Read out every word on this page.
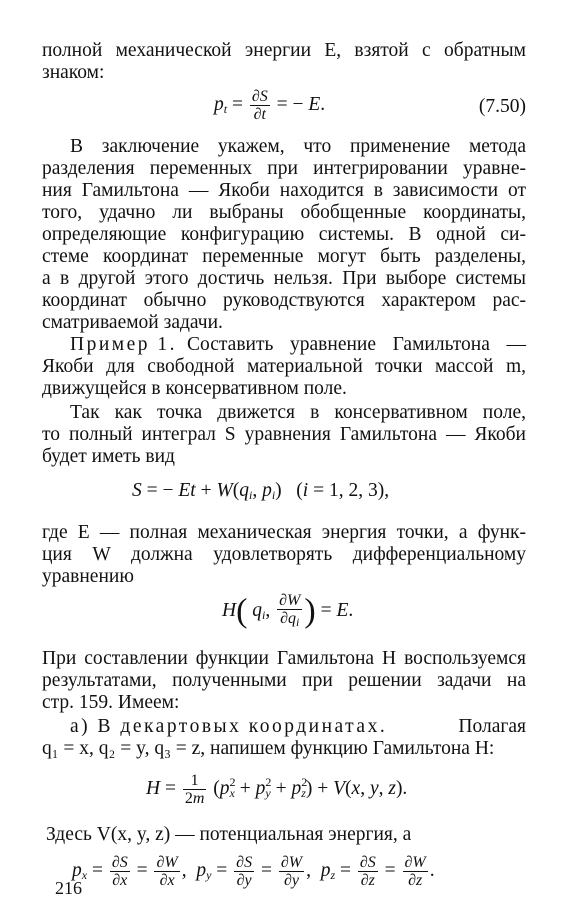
полной механической энергии E, взятой с обратным
знаком:
$p_t = \frac{\partial S}{\partial t}$ = − E.	(7.50)
В заключение укажем, что применение метода
разделения переменных при интегрировании уравне-
ния Гамильтона — Якоби находится в зависимости от
того, удачно ли выбраны обобщенные координаты,
определяющие конфигурацию системы. В одной си-
стеме координат переменные могут быть разделены,
а в другой этого достичь нельзя. При выборе системы
координат обычно руководствуются характером рас-
сматриваемой задачи.
Пример 1. Составить уравнение Гамильтона —
Якоби для свободной материальной точки массой m,
движущейся в консервативном поле.
Так как точка движется в консервативном поле,
то полный интеграл S уравнения Гамильтона — Якоби
будет иметь вид
S = − $Et + W(q_i$, $p_i$)   (i = 1, 2, 3),
где E — полная механическая энергия точки, а функ-
ция W должна удовлетворять дифференциальному
уравнению
H( $q_i$, $\frac{\partial W}{\partial q_i}$ ) = E.
При составлении функции Гамильтона H воспользуемся
результатами, полученными при решении задачи на
стр. 159. Имеем:
а) В декартовых координатах.	Полагая
q₁ = x, q₂ = y, q₃ = z, напишем функцию Гамильтона H:
$H = \frac{1}{2m} (p^2_x + p^2_y + p^2_z) + V(x$, y, z).
Здесь V(x, y, z) — потенциальная энергия, а
$p_x = \frac{\partial S}{\partial x} = \frac{\partial W}{\partial x}$ ,  $p_y = \frac{\partial S}{\partial y} = \frac{\partial W}{\partial y}$ ,  $p_z = \frac{\partial S}{\partial z} = \frac{\partial W}{\partial z}$ .
216
